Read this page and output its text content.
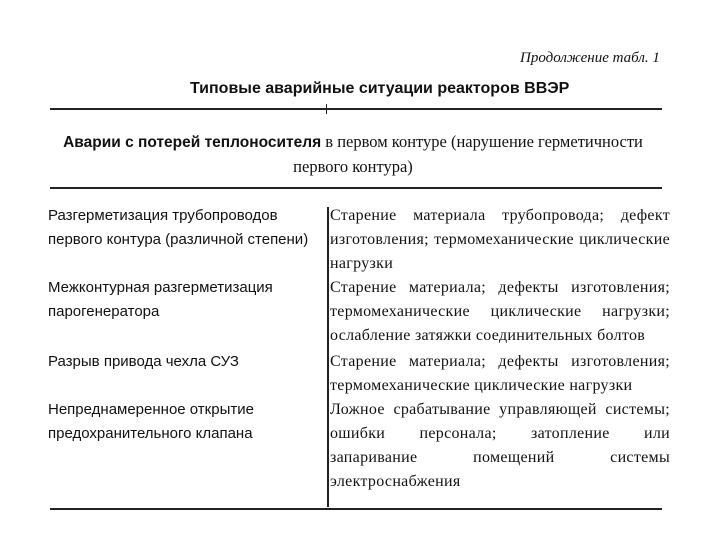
Продолжение табл. 1
Типовые аварийные ситуации реакторов ВВЭР
Аварии с потерей теплоносителя в первом контуре (нарушение герметичности первого контура)
Разгерметизация трубопроводов первого контура (различной степени)
Старение материала трубопровода; дефект изготовления; термомеханические циклические нагрузки
Межконтурная разгерметизация парогенератора
Старение материала; дефекты изготовления; термомеханические циклические нагрузки; ослабление затяжки соединительных болтов
Разрыв привода чехла СУЗ	Старение материала; дефекты изготовления; термомеханические циклические нагрузки
Непреднамеренное открытие предохранительного клапана
Ложное срабатывание управляющей системы; ошибки персонала; затопление или запаривание помещений системы электроснабжения
